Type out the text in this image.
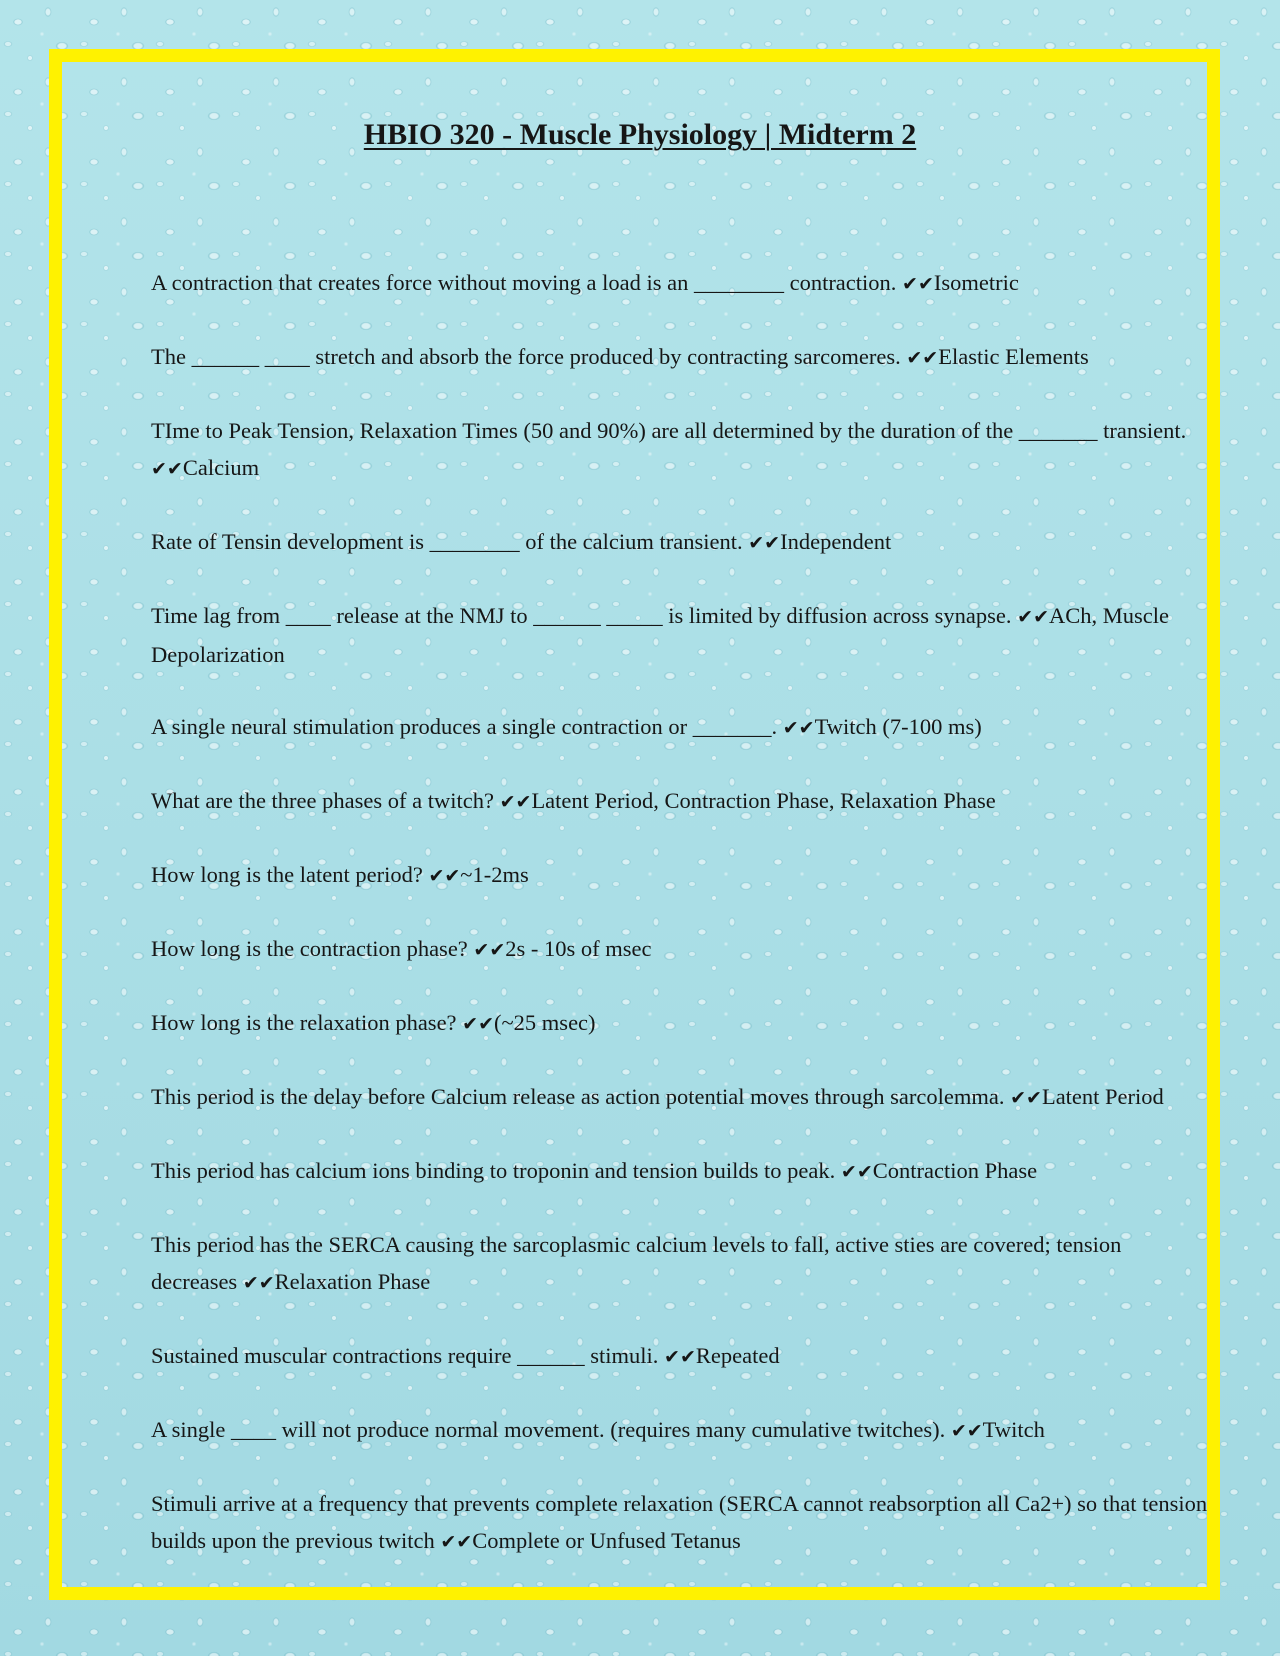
HBIO 320 - Muscle Physiology | Midterm 2

A contraction that creates force without moving a load is an ________ contraction. ✔✔Isometric

The ______ ____ stretch and absorb the force produced by contracting sarcomeres. ✔✔Elastic Elements

TIme to Peak Tension, Relaxation Times (50 and 90%) are all determined by the duration of the _______ transient. ✔✔Calcium

Rate of Tensin development is ________ of the calcium transient. ✔✔Independent

Time lag from ____ release at the NMJ to ______ _____ is limited by diffusion across synapse. ✔✔ACh, Muscle Depolarization

A single neural stimulation produces a single contraction or _______. ✔✔Twitch (7-100 ms)

What are the three phases of a twitch? ✔✔Latent Period, Contraction Phase, Relaxation Phase

How long is the latent period? ✔✔~1-2ms

How long is the contraction phase? ✔✔2s - 10s of msec

How long is the relaxation phase? ✔✔(~25 msec)

This period is the delay before Calcium release as action potential moves through sarcolemma. ✔✔Latent Period

This period has calcium ions binding to troponin and tension builds to peak. ✔✔Contraction Phase

This period has the SERCA causing the sarcoplasmic calcium levels to fall, active sties are covered; tension decreases ✔✔Relaxation Phase

Sustained muscular contractions require ______ stimuli. ✔✔Repeated

A single ____ will not produce normal movement. (requires many cumulative twitches). ✔✔Twitch

Stimuli arrive at a frequency that prevents complete relaxation (SERCA cannot reabsorption all Ca2+) so that tension builds upon the previous twitch ✔✔Complete or Unfused Tetanus
